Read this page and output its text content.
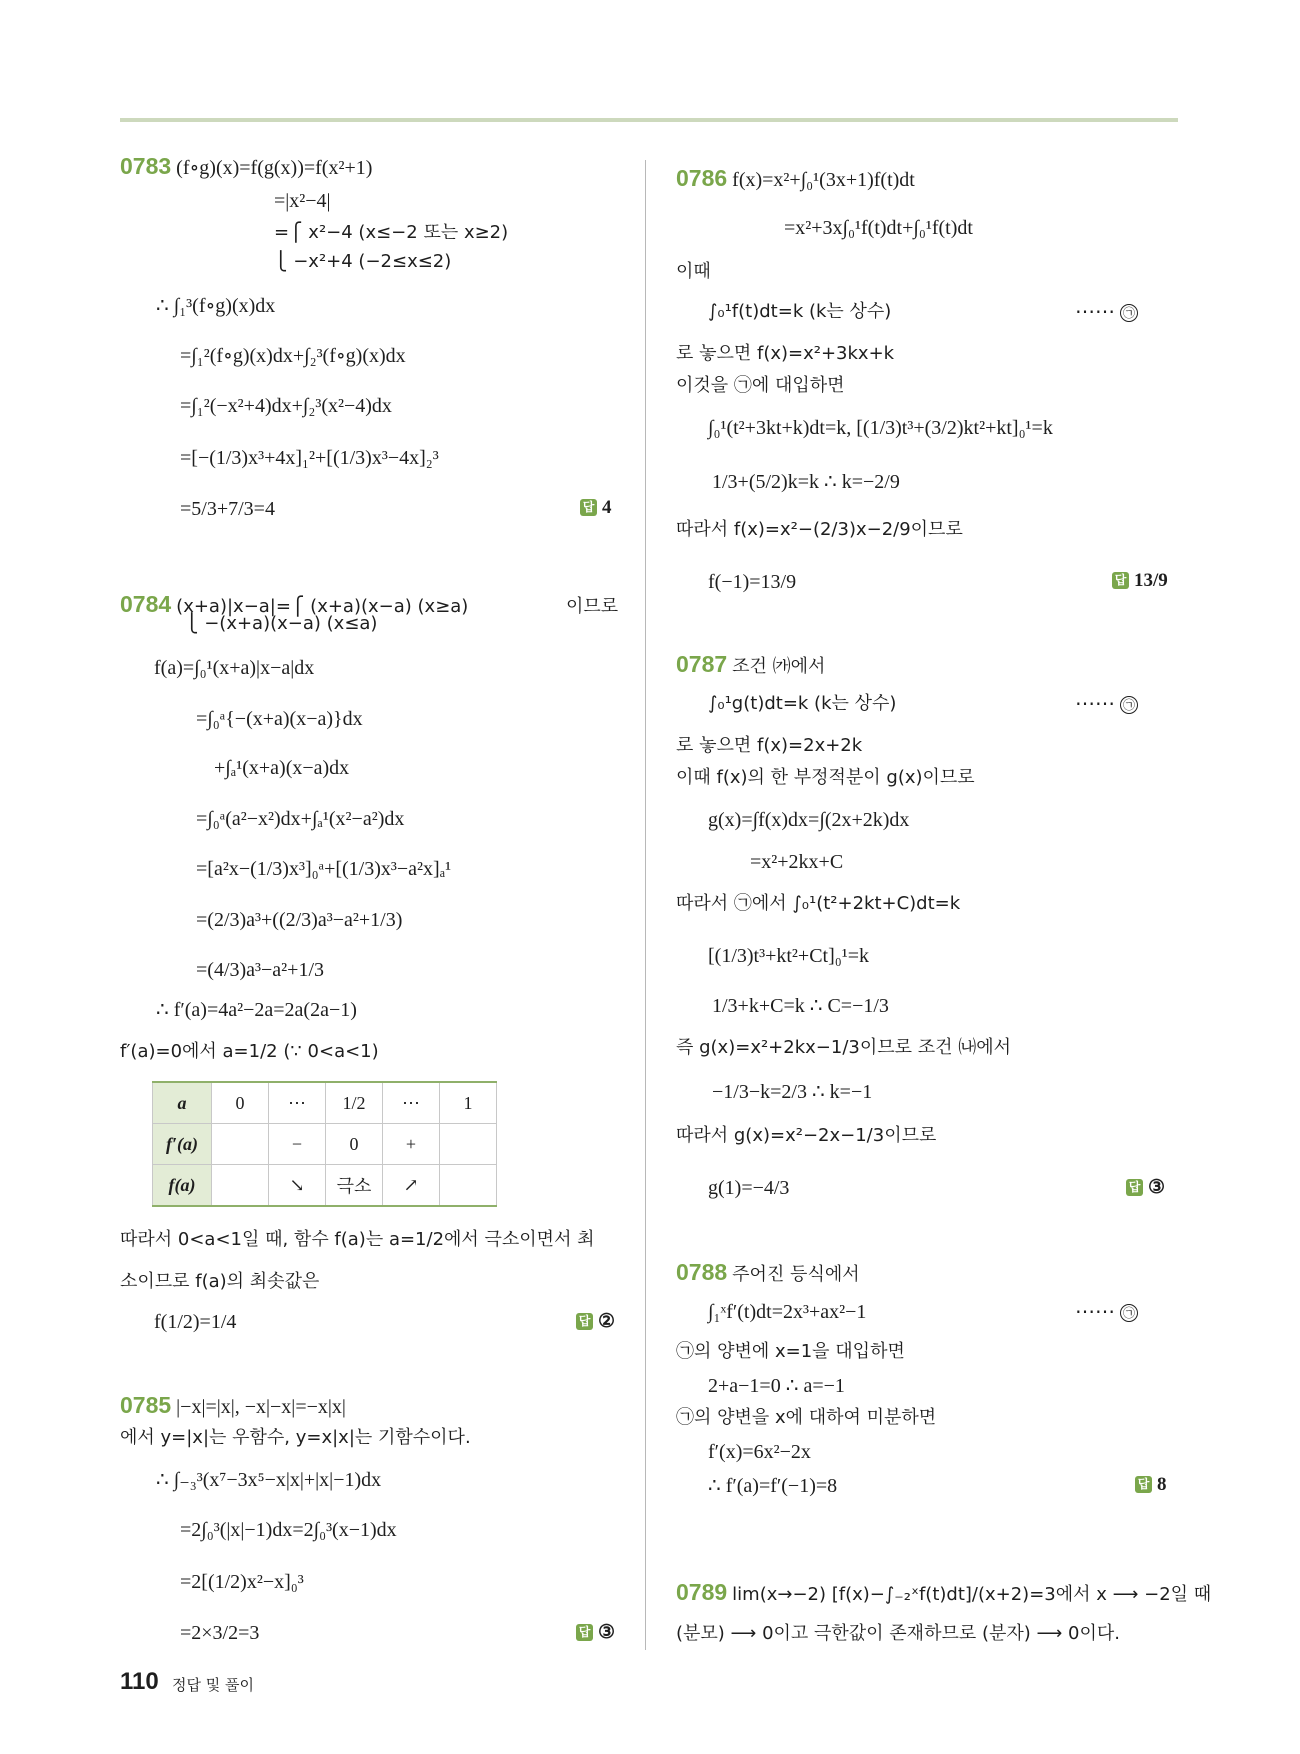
0783 (f∘g)(x)=f(g(x))=f(x²+1)
=|x²−4|
=⎧ x²−4 (x≤−2 또는 x≥2)
⎩ −x²+4 (−2≤x≤2)
∴ ∫₁³(f∘g)(x)dx
=∫₁²(f∘g)(x)dx+∫₂³(f∘g)(x)dx
=∫₁²(−x²+4)dx+∫₂³(x²−4)dx
=[−(1/3)x³+4x]₁²+[(1/3)x³−4x]₂³
=5/3+7/3=4	답 4
0784 (x+a)|x−a|=⎧ (x+a)(x−a) (x≥a)
⎩ −(x+a)(x−a) (x≤a)
이므로
f(a)=∫₀¹(x+a)|x−a|dx
=∫₀ᵃ{−(x+a)(x−a)}dx
+∫ₐ¹(x+a)(x−a)dx
=∫₀ᵃ(a²−x²)dx+∫ₐ¹(x²−a²)dx
=[a²x−(1/3)x³]₀ᵃ+[(1/3)x³−a²x]ₐ¹
=(2/3)a³+((2/3)a³−a²+1/3)
=(4/3)a³−a²+1/3
∴ f′(a)=4a²−2a=2a(2a−1)
f′(a)=0에서 a=1/2 (∵ 0<a<1)
a	0	⋯	1/2	⋯	1
f′(a)		−	0	+	
f(a)		↘	극소	↗	
따라서 0<a<1일 때, 함수 f(a)는 a=1/2에서 극소이면서 최
소이므로 f(a)의 최솟값은
f(1/2)=1/4	답 ②
0785 |−x|=|x|, −x|−x|=−x|x|
에서 y=|x|는 우함수, y=x|x|는 기함수이다.
∴ ∫₋₃³(x⁷−3x⁵−x|x|+|x|−1)dx
=2∫₀³(|x|−1)dx=2∫₀³(x−1)dx
=2[(1/2)x²−x]₀³
=2×3/2=3	답 ③
0786 f(x)=x²+∫₀¹(3x+1)f(t)dt
=x²+3x∫₀¹f(t)dt+∫₀¹f(t)dt
이때
∫₀¹f(t)dt=k (k는 상수)	⋯⋯ ㉠
로 놓으면 f(x)=x²+3kx+k
이것을 ㉠에 대입하면
∫₀¹(t²+3kt+k)dt=k, [(1/3)t³+(3/2)kt²+kt]₀¹=k
1/3+(5/2)k=k ∴ k=−2/9
따라서 f(x)=x²−(2/3)x−2/9이므로
f(−1)=13/9	답 13/9
0787 조건 ㈎에서
∫₀¹g(t)dt=k (k는 상수)	⋯⋯ ㉠
로 놓으면 f(x)=2x+2k
이때 f(x)의 한 부정적분이 g(x)이므로
g(x)=∫f(x)dx=∫(2x+2k)dx
=x²+2kx+C
따라서 ㉠에서 ∫₀¹(t²+2kt+C)dt=k
[(1/3)t³+kt²+Ct]₀¹=k
1/3+k+C=k ∴ C=−1/3
즉 g(x)=x²+2kx−1/3이므로 조건 ㈏에서
−1/3−k=2/3 ∴ k=−1
따라서 g(x)=x²−2x−1/3이므로
g(1)=−4/3	답 ③
0788 주어진 등식에서
∫₁ˣf′(t)dt=2x³+ax²−1	⋯⋯ ㉠
㉠의 양변에 x=1을 대입하면
2+a−1=0 ∴ a=−1
㉠의 양변을 x에 대하여 미분하면
f′(x)=6x²−2x
∴ f′(a)=f′(−1)=8	답 8
0789 lim(x→−2) [f(x)−∫₋₂ˣf(t)dt]/(x+2)=3에서 x ⟶ −2일 때
(분모) ⟶ 0이고 극한값이 존재하므로 (분자) ⟶ 0이다.
110 정답 및 풀이
